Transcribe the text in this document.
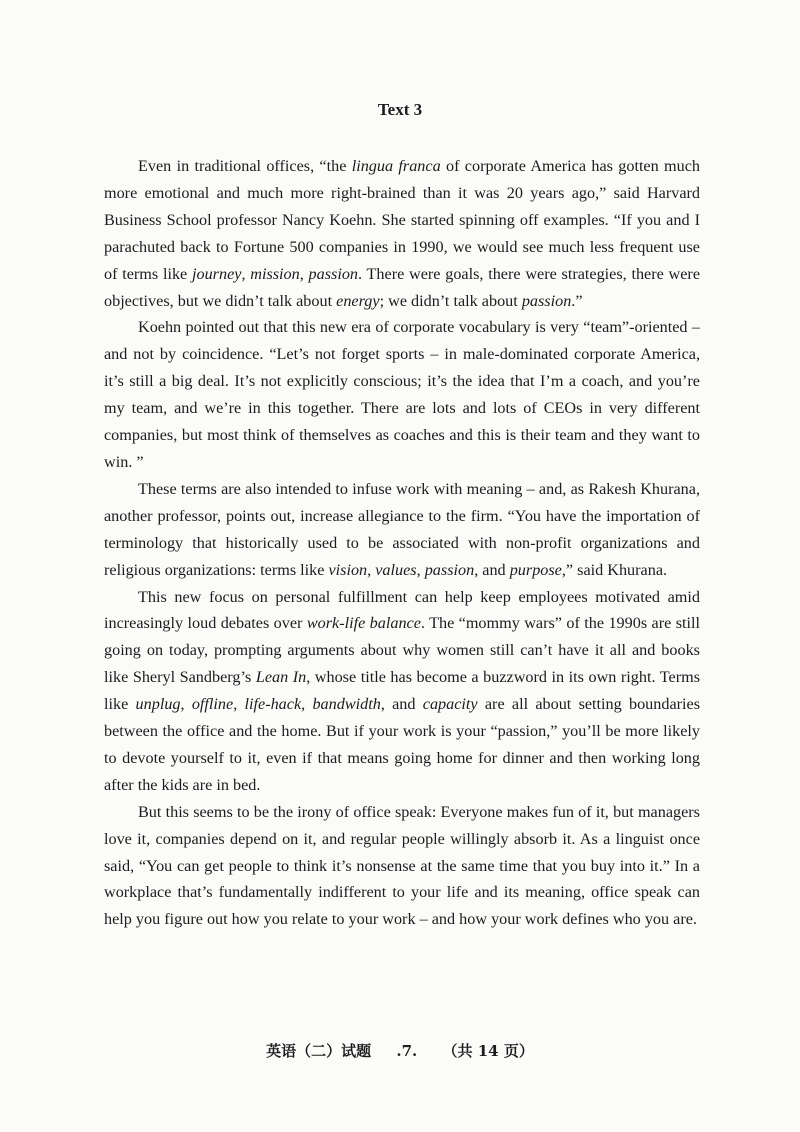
Text 3

Even in traditional offices, “the lingua franca of corporate America has gotten much more emotional and much more right-brained than it was 20 years ago,” said Harvard Business School professor Nancy Koehn. She started spinning off examples. “If you and I parachuted back to Fortune 500 companies in 1990, we would see much less frequent use of terms like journey, mission, passion. There were goals, there were strategies, there were objectives, but we didn’t talk about energy; we didn’t talk about passion.”

Koehn pointed out that this new era of corporate vocabulary is very “team”-oriented – and not by coincidence. “Let’s not forget sports – in male-dominated corporate America, it’s still a big deal. It’s not explicitly conscious; it’s the idea that I’m a coach, and you’re my team, and we’re in this together. There are lots and lots of CEOs in very different companies, but most think of themselves as coaches and this is their team and they want to win. ”

These terms are also intended to infuse work with meaning – and, as Rakesh Khurana, another professor, points out, increase allegiance to the firm. “You have the importation of terminology that historically used to be associated with non-profit organizations and religious organizations: terms like vision, values, passion, and purpose,” said Khurana.

This new focus on personal fulfillment can help keep employees motivated amid increasingly loud debates over work-life balance. The “mommy wars” of the 1990s are still going on today, prompting arguments about why women still can’t have it all and books like Sheryl Sandberg’s Lean In, whose title has become a buzzword in its own right. Terms like unplug, offline, life-hack, bandwidth, and capacity are all about setting boundaries between the office and the home. But if your work is your “passion,” you’ll be more likely to devote yourself to it, even if that means going home for dinner and then working long after the kids are in bed.

But this seems to be the irony of office speak: Everyone makes fun of it, but managers love it, companies depend on it, and regular people willingly absorb it. As a linguist once said, “You can get people to think it’s nonsense at the same time that you buy into it.” In a workplace that’s fundamentally indifferent to your life and its meaning, office speak can help you figure out how you relate to your work – and how your work defines who you are.

英语（二）试题 .7. （共 14 页）
